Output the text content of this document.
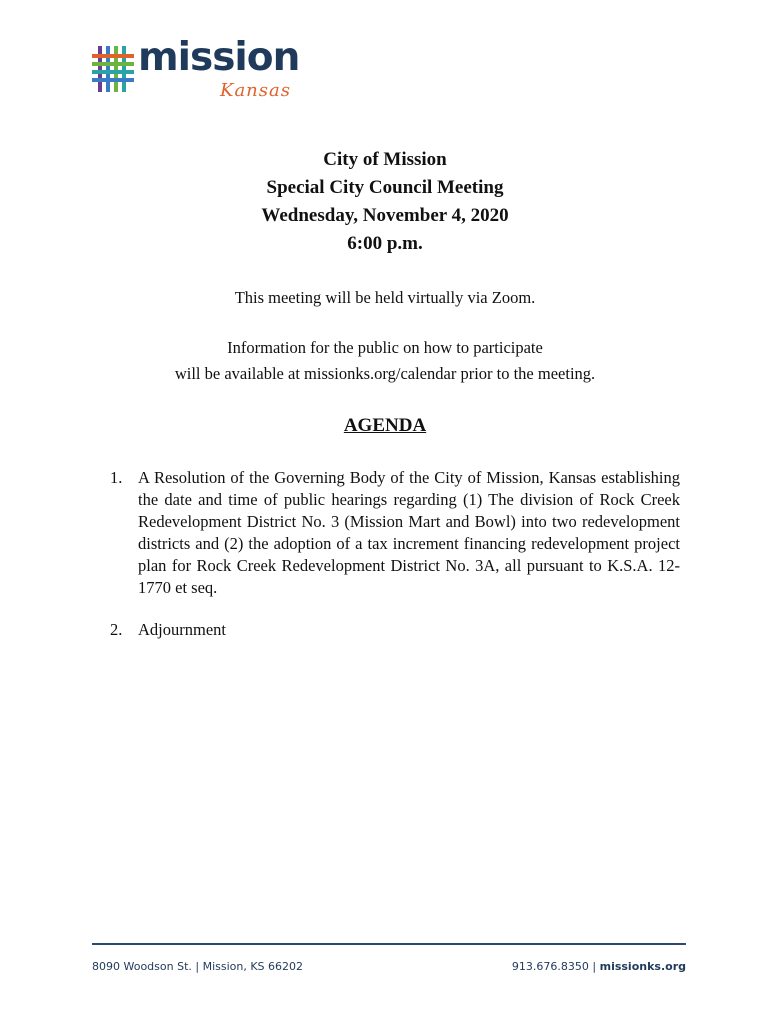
mission
Kansas
City of Mission
Special City Council Meeting
Wednesday, November 4, 2020
6:00 p.m.
This meeting will be held virtually via Zoom.
Information for the public on how to participate
will be available at missionks.org/calendar prior to the meeting.
AGENDA
1. A Resolution of the Governing Body of the City of Mission, Kansas establishing the date and time of public hearings regarding (1) The division of Rock Creek Redevelopment District No. 3 (Mission Mart and Bowl) into two redevelopment districts and (2) the adoption of a tax increment financing redevelopment project plan for Rock Creek Redevelopment District No. 3A, all pursuant to K.S.A. 12-1770 et seq.
2. Adjournment
8090 Woodson St. | Mission, KS 66202	913.676.8350 | missionks.org
